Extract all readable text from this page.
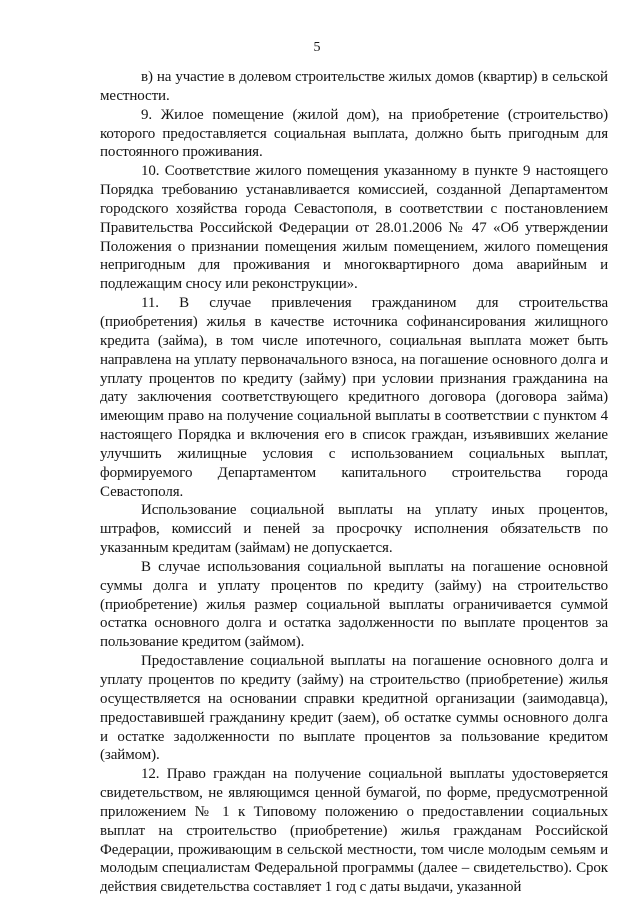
5

в) на участие в долевом строительстве жилых домов (квартир) в сельской местности.

9. Жилое помещение (жилой дом), на приобретение (строительство) которого предоставляется социальная выплата, должно быть пригодным для постоянного проживания.

10. Соответствие жилого помещения указанному в пункте 9 настоящего Порядка требованию устанавливается комиссией, созданной Департаментом городского хозяйства города Севастополя, в соответствии с постановлением Правительства Российской Федерации от 28.01.2006 № 47 «Об утверждении Положения о признании помещения жилым помещением, жилого помещения непригодным для проживания и многоквартирного дома аварийным и подлежащим сносу или реконструкции».

11. В случае привлечения гражданином для строительства (приобретения) жилья в качестве источника софинансирования жилищного кредита (займа), в том числе ипотечного, социальная выплата может быть направлена на уплату первоначального взноса, на погашение основного долга и уплату процентов по кредиту (займу) при условии признания гражданина на дату заключения соответствующего кредитного договора (договора займа) имеющим право на получение социальной выплаты в соответствии с пунктом 4 настоящего Порядка и включения его в список граждан, изъявивших желание улучшить жилищные условия с использованием социальных выплат, формируемого Департаментом капитального строительства города Севастополя.

Использование социальной выплаты на уплату иных процентов, штрафов, комиссий и пеней за просрочку исполнения обязательств по указанным кредитам (займам) не допускается.

В случае использования социальной выплаты на погашение основной суммы долга и уплату процентов по кредиту (займу) на строительство (приобретение) жилья размер социальной выплаты ограничивается суммой остатка основного долга и остатка задолженности по выплате процентов за пользование кредитом (займом).

Предоставление социальной выплаты на погашение основного долга и уплату процентов по кредиту (займу) на строительство (приобретение) жилья осуществляется на основании справки кредитной организации (заимодавца), предоставившей гражданину кредит (заем), об остатке суммы основного долга и остатке задолженности по выплате процентов за пользование кредитом (займом).

12. Право граждан на получение социальной выплаты удостоверяется свидетельством, не являющимся ценной бумагой, по форме, предусмотренной приложением № 1 к Типовому положению о предоставлении социальных выплат на строительство (приобретение) жилья гражданам Российской Федерации, проживающим в сельской местности, том числе молодым семьям и молодым специалистам Федеральной программы (далее – свидетельство). Срок действия свидетельства составляет 1 год с даты выдачи, указанной
